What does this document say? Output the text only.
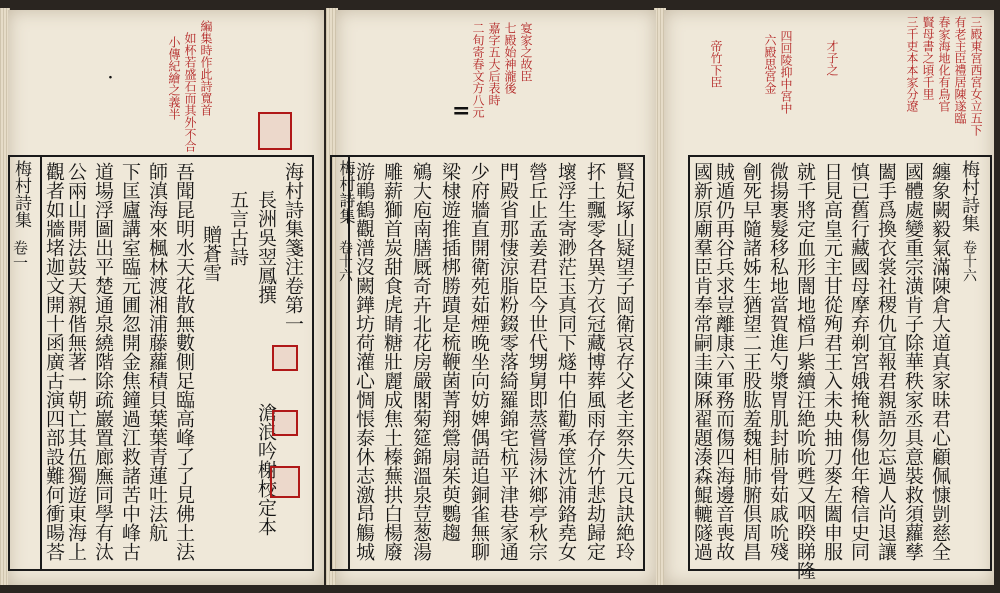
梅村詩集
卷一	海村詩集箋注卷第一
長洲吳翌鳳撰
滄浪吟榭校定本
五言古詩
贈蒼雪
吾聞昆明水天花散無數側足臨高峰了了見佛土法
師滇海來楓林渡湘浦藤蘿積貝葉葉青蓮吐法航
下匡廬講室臨元圃忽開金焦鐘過江救諸苦中峰古
道場浮圖出平楚通泉繞階除疏巖置廊廡同學有汰
公兩山開法鼓天親偕無著一朝亡其伍獨遊東海上
觀者如牆堵迦文開十函廣古演四部設難何衝暘荅
編集時作此詩寬首
如杯若盛石而其外不合
小傳紀繪之義半
·
梅村詩集
卷十六	賢妃塚山疑望子岡衛哀存父老主祭失元良訣絶玲
抔土飄零各異方衣冠藏博葬風雨存介竹悲劫歸定
壞浮生寄渺茫玉真同下燧中伯勸承筐沈浦鉻堯女
營丘止孟姜君臣今世代甥舅即蒸嘗湯沐鄉亭秋宗
門殿省那悽涼脂粉錣零落綺羅錦宅杭平津巷家通
少府牆直開衛苑茹煙晚坐向妨婢偶語追銅雀無聊
梁棣遊推插梆勝蹟是梳鞭菌菁翔鶯扇茱萸鸚趨
鵷大庖南膳厩奇卉北花房嚴閣菊筵錦溫泉荳葱湯
雕薪獅首炭甜食虎睛糖壯麗成焦土榛蕪拱白楊廢
游鶤鶴觀潽沒闕鏵坊荷灌心惆悵泰休志激昂觴城
宴家之故臣
七殿始神瀧後
嘉字五大后表時
二旬寄春文方八元
=
梅村詩集
卷十六
纏象闕毅氣滿陳倉大道真家昧君心顧佩慷剴慈全
國體處變重宗潢肯子除華秩家丞具意裝救須蘿孳
闔手爲換衣裳社稷仇宜報君親語勿忘過人尚退讓
慎已舊行藏國母摩弃剃宮娥掩秋傷他年稽信史同
日見高皇元主甘從殉君王入未央抽刀麥左闔申服
就千將定血形闇地檔戶紫續汪絶吮吮甦又咽睽睇隆
微揚裹髮移私地當賀進勺漿胃肌封肺骨茹戚吮殘
劊死早隨諸姊生猶望二王股肱羞魏相肺腑倶周昌
賊遁仍再谷兵求豈離康六軍務而傷四海邊音喪故
國新原廟羣臣肯奉常嗣圭陳厤翟題湊森鯤轆隧過
三殿東宮西宮女立五下
有老主臣禮居陳遂臨
春家海地化有鳥官
賢母書之頃千里
三千吏本本家分遼
四回陵抑中宮中
六殿思宮金
帝竹下臣	才子之
